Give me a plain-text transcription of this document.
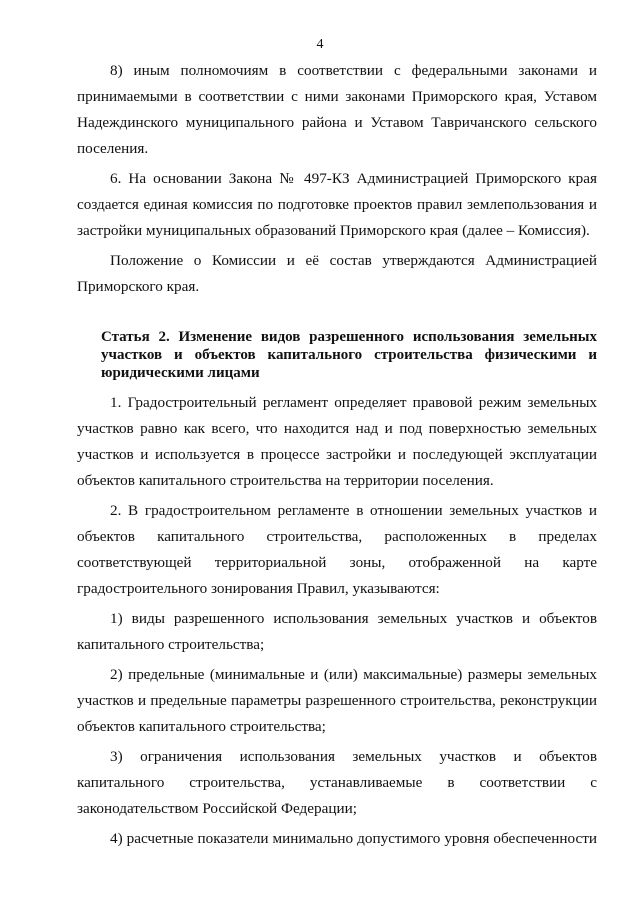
4

8) иным полномочиям в соответствии с федеральными законами и принимаемыми в соответствии с ними законами Приморского края, Уставом Надеждинского муниципального района и Уставом Тавричанского сельского поселения.

6. На основании Закона № 497-КЗ Администрацией Приморского края создается единая комиссия по подготовке проектов правил землепользования и застройки муниципальных образований Приморского края (далее – Комиссия).

Положение о Комиссии и её состав утверждаются Администрацией Приморского края.

Статья 2. Изменение видов разрешенного использования земельных участков и объектов капитального строительства физическими и юридическими лицами

1. Градостроительный регламент определяет правовой режим земельных участков равно как всего, что находится над и под поверхностью земельных участков и используется в процессе застройки и последующей эксплуатации объектов капитального строительства на территории поселения.

2. В градостроительном регламенте в отношении земельных участков и объектов капитального строительства, расположенных в пределах соответствующей территориальной зоны, отображенной на карте градостроительного зонирования Правил, указываются:

1) виды разрешенного использования земельных участков и объектов капитального строительства;

2) предельные (минимальные и (или) максимальные) размеры земельных участков и предельные параметры разрешенного строительства, реконструкции объектов капитального строительства;

3) ограничения использования земельных участков и объектов капитального строительства, устанавливаемые в соответствии с законодательством Российской Федерации;

4) расчетные показатели минимально допустимого уровня обеспеченности
